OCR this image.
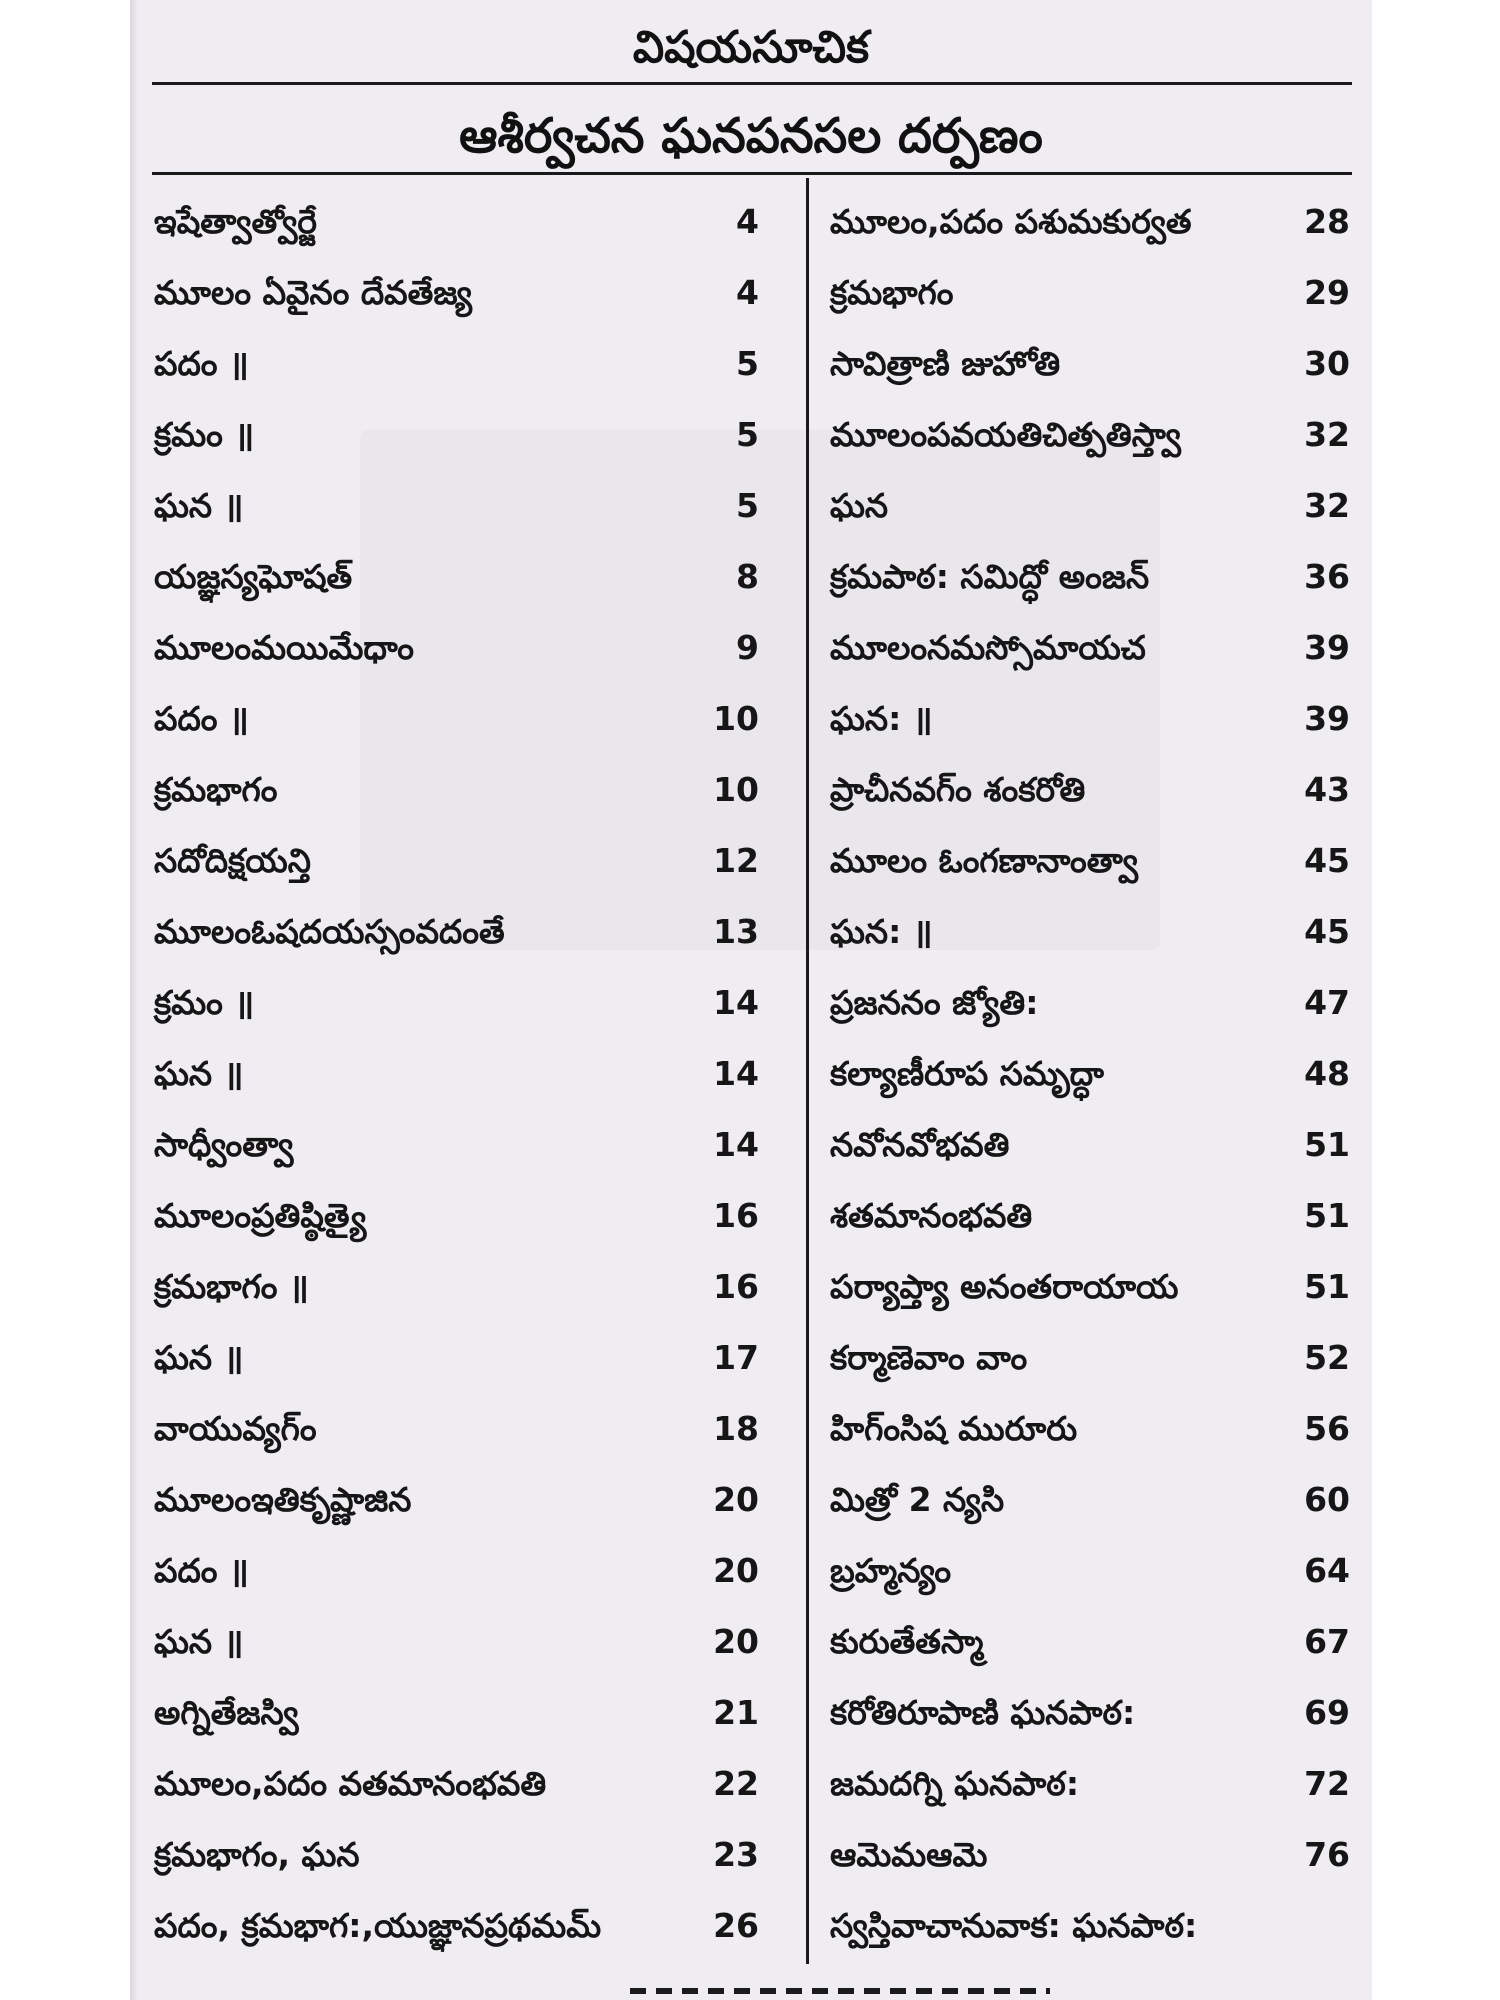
విషయసూచిక
ఆశీర్వచన ఘనపనసల దర్పణం
ఇషేత్వాత్వోర్జే	4
మూలం ఏవైనం దేవతేజ్య	4
పదం ॥	5
క్రమం ॥	5
ఘన ॥	5
యజ్ఞస్యఘోషత్	8
మూలంమయిమేధాం	9
పదం ॥	10
క్రమభాగం	10
సదోదిక్షయన్తి	12
మూలంఓషదయస్సంవదంతే	13
క్రమం ॥	14
ఘన ॥	14
సాధ్వీంత్వా	14
మూలంప్రతిష్ఠిత్యై	16
క్రమభాగం ॥	16
ఘన ॥	17
వాయువ్యగ్ం	18
మూలంఇతికృష్ణాజిన	20
పదం ॥	20
ఘన ॥	20
అగ్నితేజస్వి	21
మూలం,పదం వతమానంభవతి	22
క్రమభాగం, ఘన	23
పదం, క్రమభాగ:,యుజ్ఞానప్రథమమ్	26
మూలం,పదం పశుమకుర్వత	28
క్రమభాగం	29
సావిత్రాణి జుహోతి	30
మూలంపవయతిచిత్పతిస్త్వా	32
ఘన	32
క్రమపాఠ: సమిద్ధో అంజన్	36
మూలంనమస్సోమాయచ	39
ఘన: ॥	39
ప్రాచీనవగ్ం శంకరోతి	43
మూలం ఓంగణానాంత్వా	45
ఘన: ॥	45
ప్రజననం జ్యోతి:	47
కల్యాణీరూప సమృద్ధా	48
నవోనవోభవతి	51
శతమానంభవతి	51
పర్యాప్త్యా అనంతరాయాయ	51
కర్మాణెవాం వాం	52
హిగ్ంసిష మురూరు	56
మిత్రో 2 న్యసి	60
బ్రహ్మన్యం	64
కురుతేతస్మా	67
కరోతిరూపాణి ఘనపాఠ:	69
జమదగ్ని ఘనపాఠ:	72
ఆమెమఆమె	76
స్వస్తివాచానువాక: ఘనపాఠ:
